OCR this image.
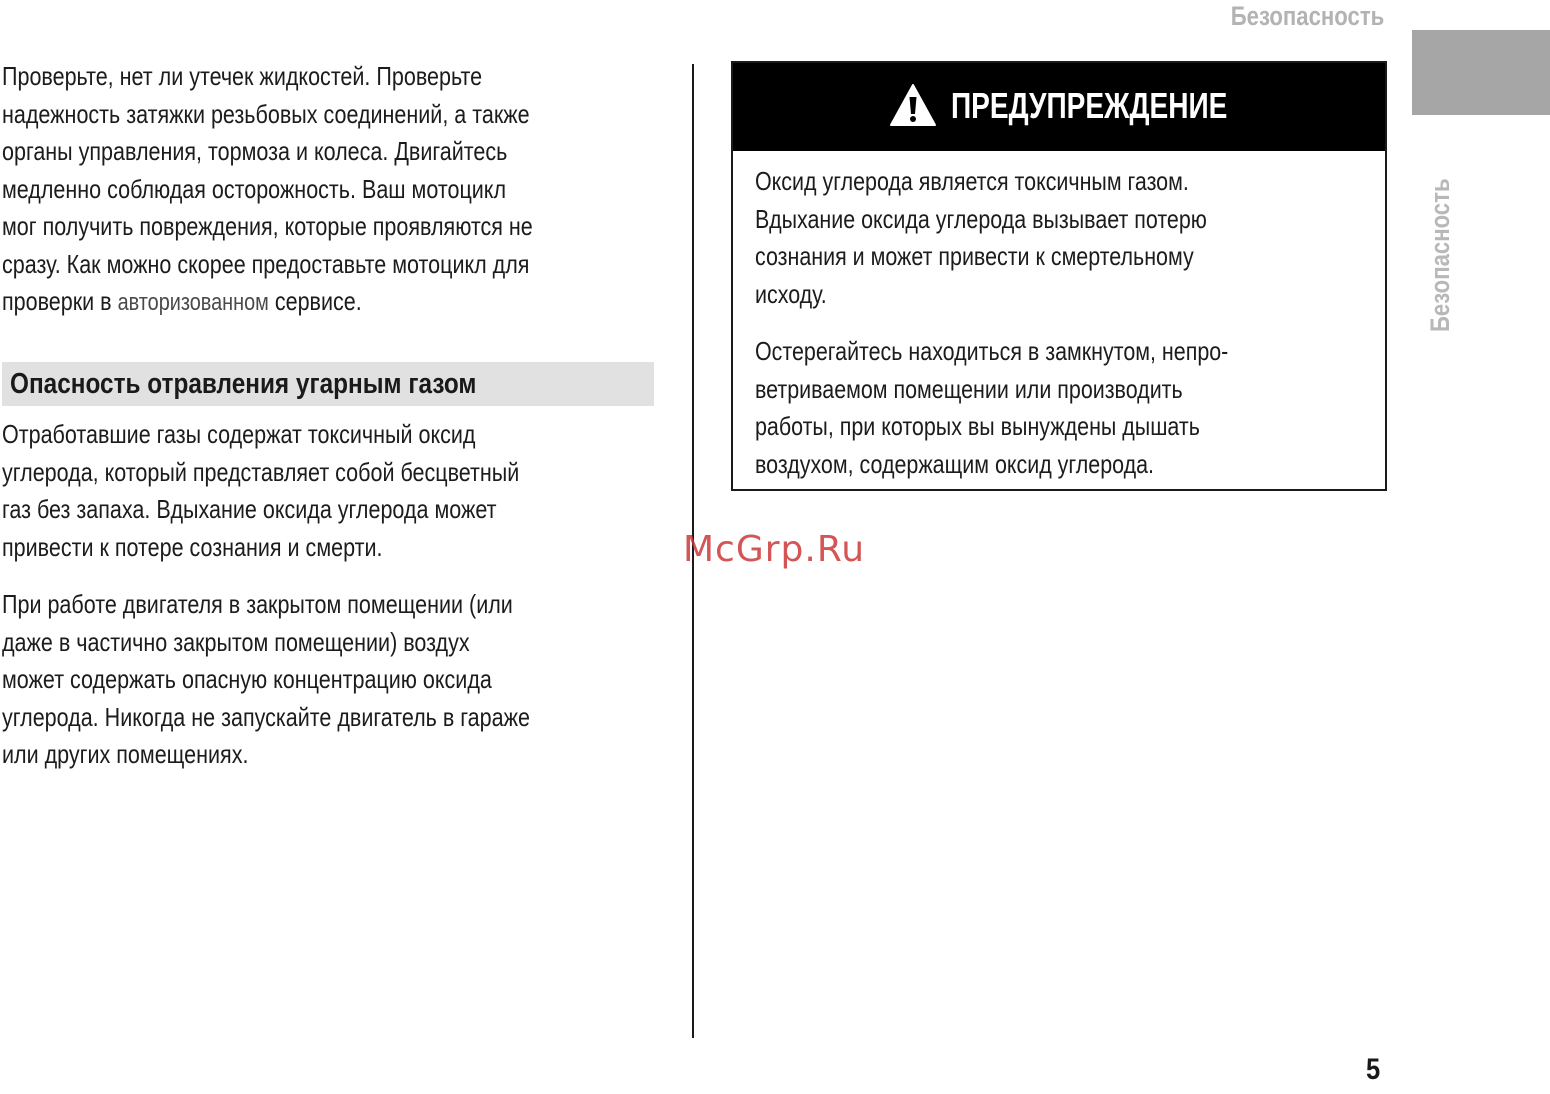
Безопасность
Безопасность

Проверьте, нет ли утечек жидкостей. Проверьте
надежность затяжки резьбовых соединений, а также
органы управления, тормоза и колеса. Двигайтесь
медленно соблюдая осторожность. Ваш мотоцикл
мог получить повреждения, которые проявляются не
сразу. Как можно скорее предоставьте мотоцикл для
проверки в авторизованном сервисе.

Опасность отравления угарным газом

Отработавшие газы содержат токсичный оксид
углерода, который представляет собой бесцветный
газ без запаха. Вдыхание оксида углерода может
привести к потере сознания и смерти.

При работе двигателя в закрытом помещении (или
даже в частично закрытом помещении) воздух
может содержать опасную концентрацию оксида
углерода. Никогда не запускайте двигатель в гараже
или других помещениях.

ПРЕДУПРЕЖДЕНИЕ

Оксид углерода является токсичным газом.
Вдыхание оксида углерода вызывает потерю
сознания и может привести к смертельному
исходу.

Остерегайтесь находиться в замкнутом, непро-
ветриваемом помещении или производить
работы, при которых вы вынуждены дышать
воздухом, содержащим оксид углерода.

McGrp.Ru
5
